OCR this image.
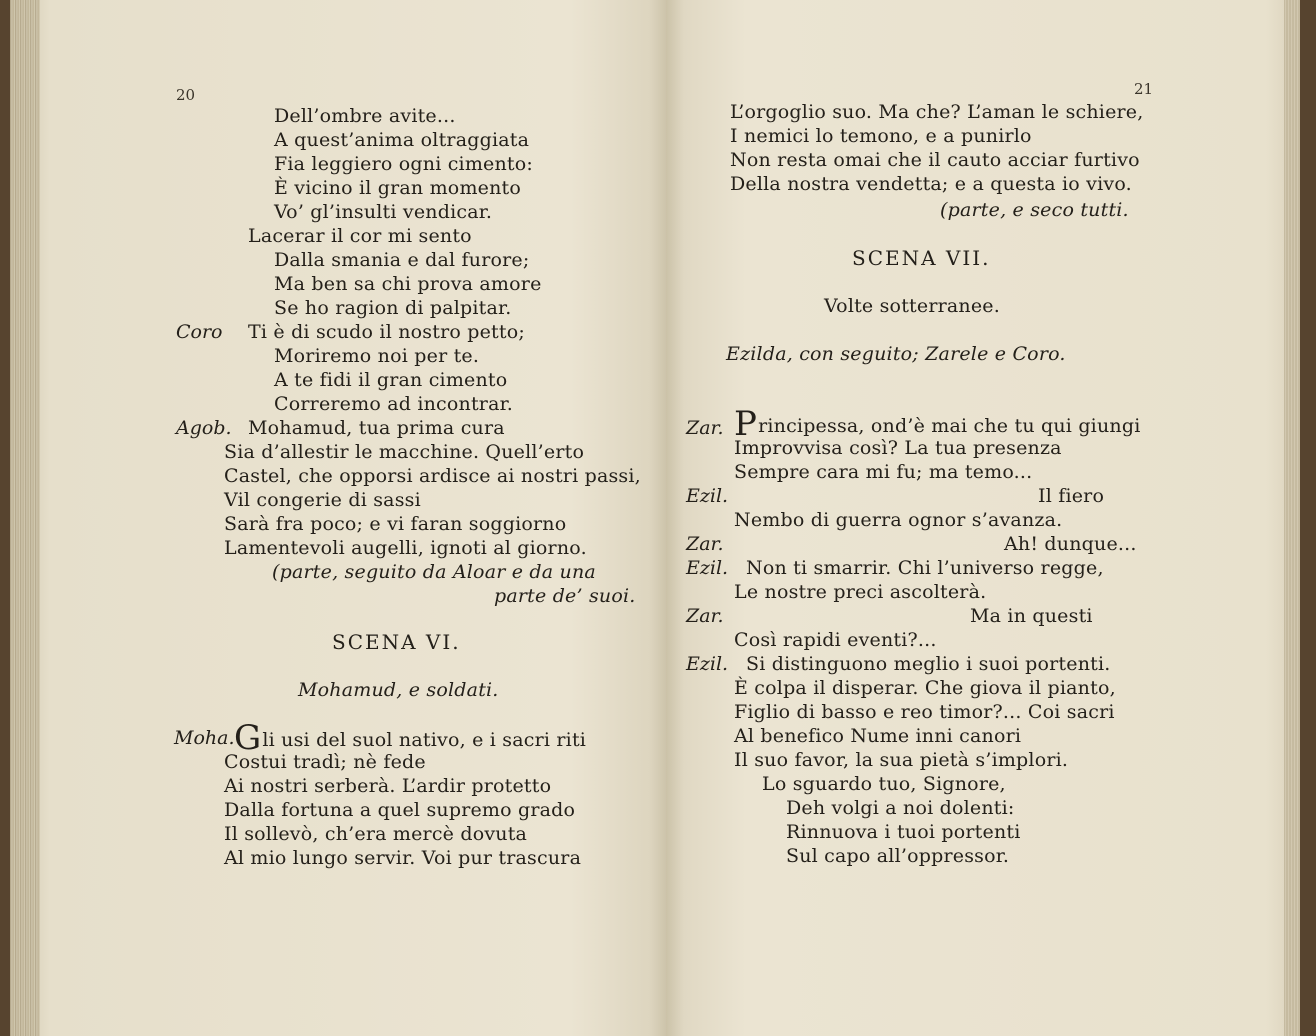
20
Dell’ombre avite...
A quest’anima oltraggiata
Fia leggiero ogni cimento:
È vicino il gran momento
Vo’ gl’insulti vendicar.
Lacerar il cor mi sento
Dalla smania e dal furore;
Ma ben sa chi prova amore
Se ho ragion di palpitar.
Coro Ti è di scudo il nostro petto;
Moriremo noi per te.
A te fidi il gran cimento
Correremo ad incontrar.
Agob. Mohamud, tua prima cura
Sia d’allestir le macchine. Quell’erto
Castel, che opporsi ardisce ai nostri passi,
Vil congerie di sassi
Sarà fra poco; e vi faran soggiorno
Lamentevoli augelli, ignoti al giorno.
(parte, seguito da Aloar e da una
parte de’ suoi.
SCENA VI.
Mohamud, e soldati.
Moha. Gli usi del suol nativo, e i sacri riti
Costui tradì; nè fede
Ai nostri serberà. L’ardir protetto
Dalla fortuna a quel supremo grado
Il sollevò, ch’era mercè dovuta
Al mio lungo servir. Voi pur trascura
21
L’orgoglio suo. Ma che? L’aman le schiere,
I nemici lo temono, e a punirlo
Non resta omai che il cauto acciar furtivo
Della nostra vendetta; e a questa io vivo.
(parte, e seco tutti.
SCENA VII.
Volte sotterranee.
Ezilda, con seguito; Zarele e Coro.
Zar. Principessa, ond’è mai che tu qui giungi
Improvvisa così? La tua presenza
Sempre cara mi fu; ma temo...
Ezil.	Il fiero
Nembo di guerra ognor s’avanza.
Zar.	Ah! dunque...
Ezil. Non ti smarrir. Chi l’universo regge,
Le nostre preci ascolterà.
Zar.	Ma in questi
Così rapidi eventi?...
Ezil. Si distinguono meglio i suoi portenti.
È colpa il disperar. Che giova il pianto,
Figlio di basso e reo timor?... Coi sacri
Al benefico Nume inni canori
Il suo favor, la sua pietà s’implori.
Lo sguardo tuo, Signore,
Deh volgi a noi dolenti:
Rinnuova i tuoi portenti
Sul capo all’oppressor.
